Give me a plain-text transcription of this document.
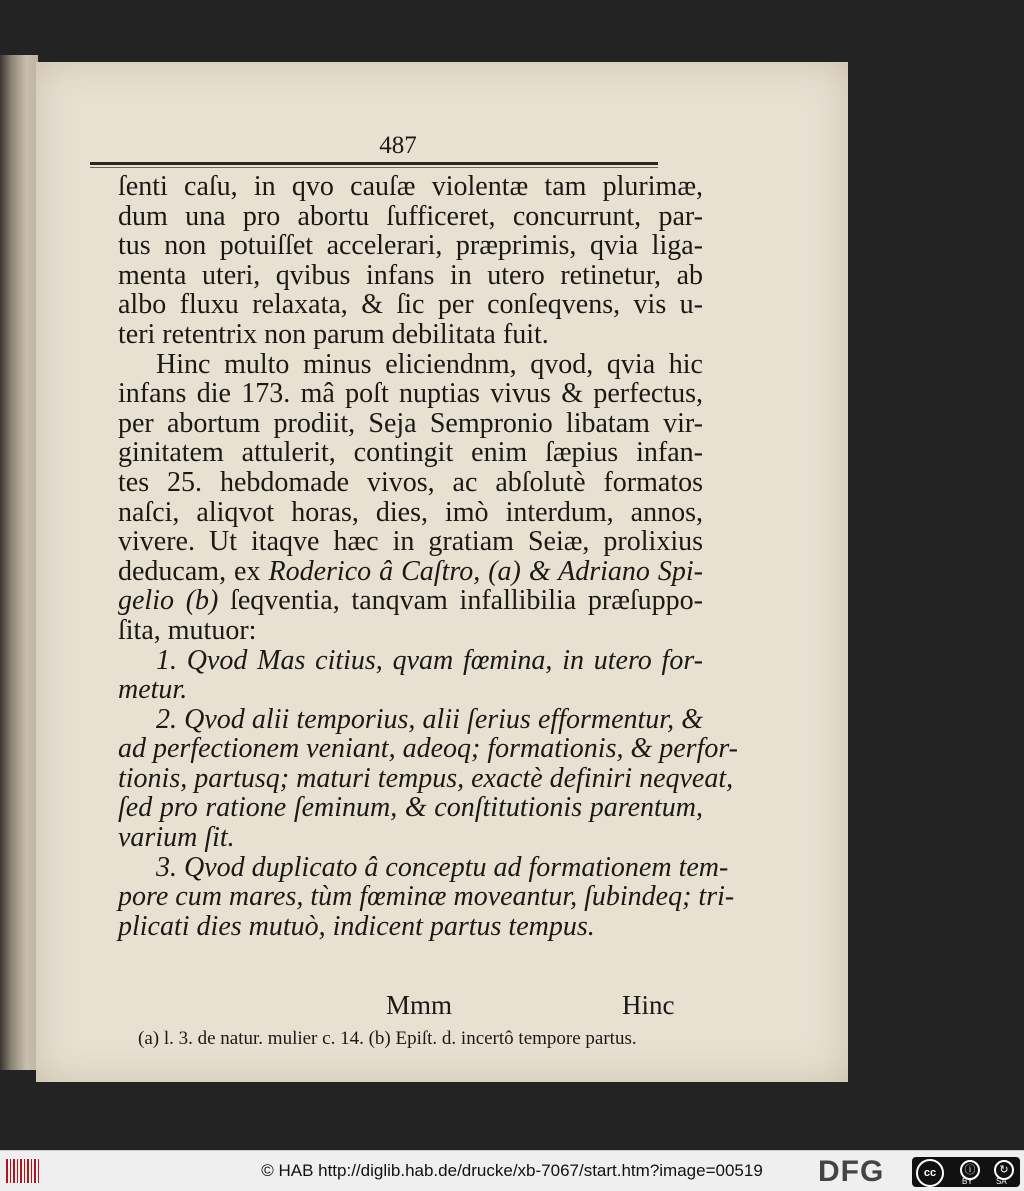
487
ſenti caſu, in qvo cauſæ violentæ tam plurimæ,
dum una pro abortu ſufficeret, concurrunt, par-
tus non potuiſſet accelerari, præprimis, qvia liga-
menta uteri, qvibus infans in utero retinetur, ab
albo fluxu relaxata, & ſic per conſeqvens, vis u-
teri retentrix non parum debilitata fuit.
Hinc multo minus eliciendnm, qvod, qvia hic
infans die 173. mâ poſt nuptias vivus & perfectus,
per abortum prodiit, Seja Sempronio libatam vir-
ginitatem attulerit, contingit enim ſæpius infan-
tes 25. hebdomade vivos, ac abſolutè formatos
naſci, aliqvot horas, dies, imò interdum, annos,
vivere. Ut itaqve hæc in gratiam Seiæ, prolixius
deducam, ex Roderico â Caſtro, (a) & Adriano Spi-
gelio (b) ſeqventia, tanqvam infallibilia præſuppo-
ſita, mutuor:
1. Qvod Mas citius, qvam fœmina, in utero for-
metur.
2. Qvod alii temporius, alii ſerius efformentur, &
ad perfectionem veniant, adeoq; formationis, & perfor-
tionis, partusq; maturi tempus, exactè definiri neqveat,
ſed pro ratione ſeminum, & conſtitutionis parentum,
varium ſit.
3. Qvod duplicato â conceptu ad formationem tem-
pore cum mares, tùm fœminæ moveantur, ſubindeq; tri-
plicati dies mutuò, indicent partus tempus.
Mmm	Hinc
(a) l. 3. de natur. mulier c. 14. (b) Epiſt. d. incertô tempore partus.
© HAB http://diglib.hab.de/drucke/xb-7067/start.htm?image=00519	DFG	cc	ⓘ	↻
BY	SA
